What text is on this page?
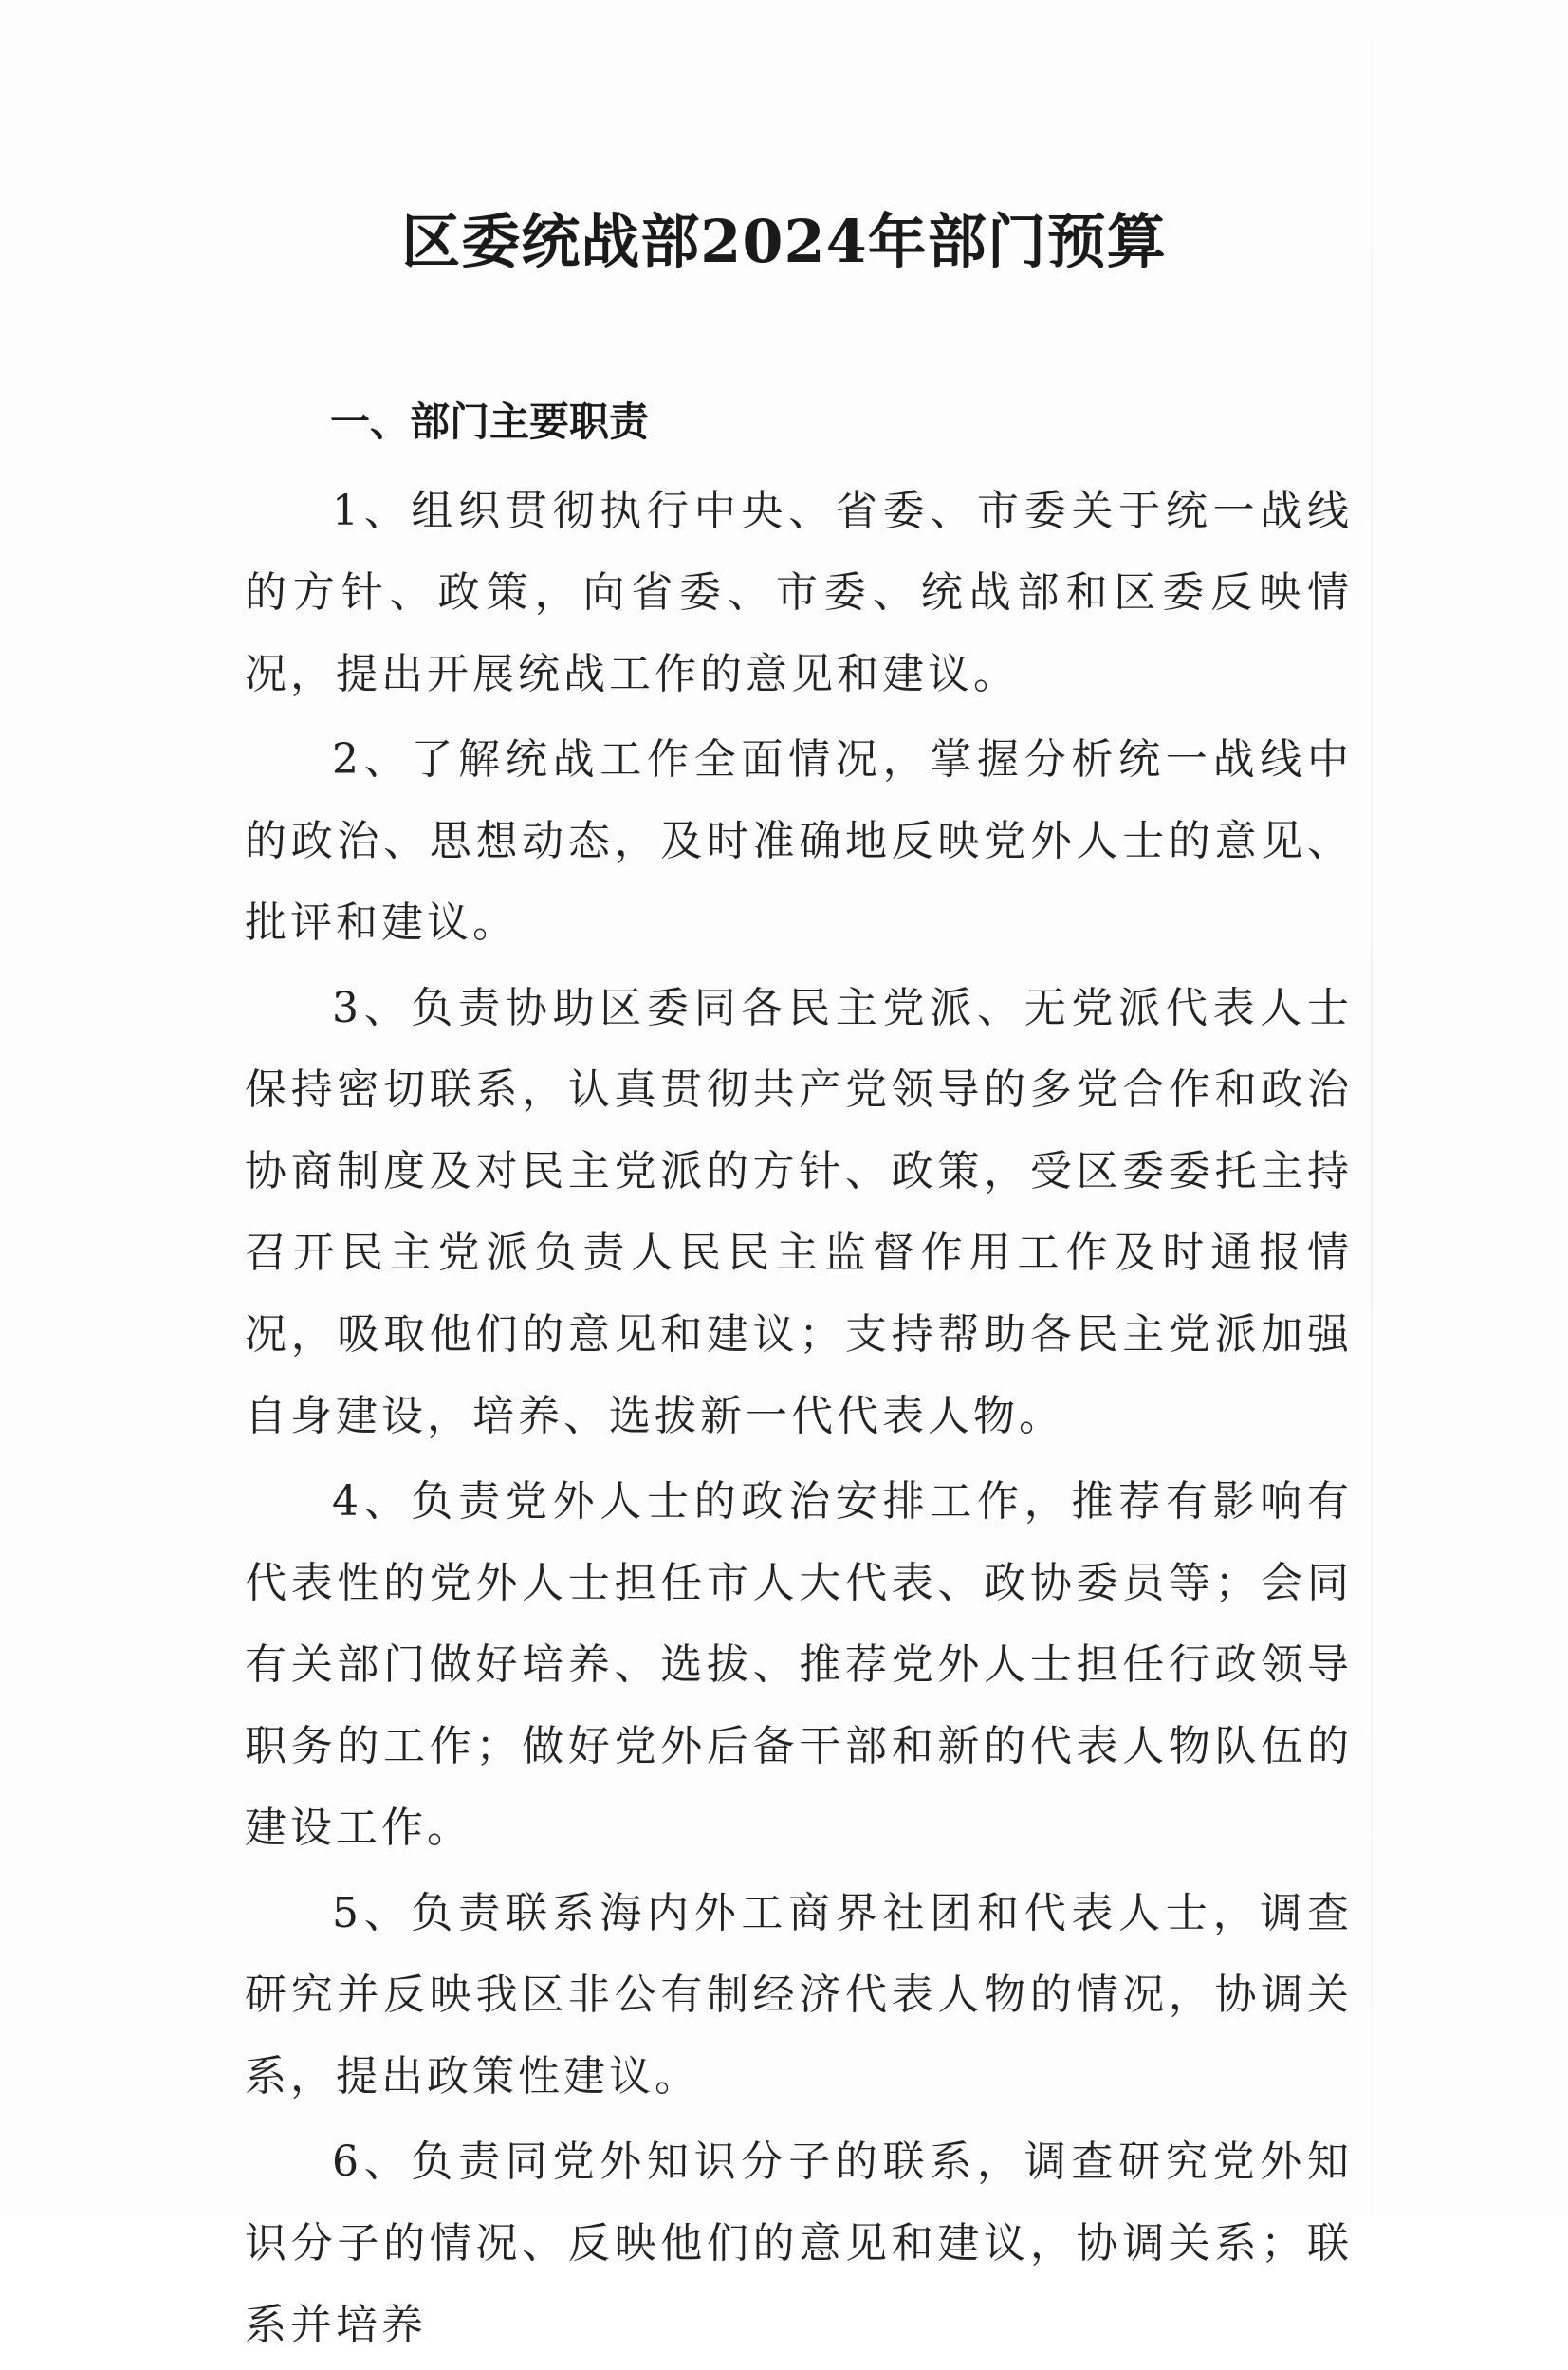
区委统战部2024年部门预算
一、部门主要职责

1、组织贯彻执行中央、省委、市委关于统一战线的方针、政策，向省委、市委、统战部和区委反映情况，提出开展统战工作的意见和建议。

2、了解统战工作全面情况，掌握分析统一战线中的政治、思想动态，及时准确地反映党外人士的意见、批评和建议。

3、负责协助区委同各民主党派、无党派代表人士保持密切联系，认真贯彻共产党领导的多党合作和政治协商制度及对民主党派的方针、政策，受区委委托主持召开民主党派负责人民民主监督作用工作及时通报情况，吸取他们的意见和建议；支持帮助各民主党派加强自身建设，培养、选拔新一代代表人物。

4、负责党外人士的政治安排工作，推荐有影响有代表性的党外人士担任市人大代表、政协委员等；会同有关部门做好培养、选拔、推荐党外人士担任行政领导职务的工作；做好党外后备干部和新的代表人物队伍的建设工作。

5、负责联系海内外工商界社团和代表人士，调查研究并反映我区非公有制经济代表人物的情况，协调关系，提出政策性建议。

6、负责同党外知识分子的联系，调查研究党外知识分子的情况、反映他们的意见和建议，协调关系；联系并培养
